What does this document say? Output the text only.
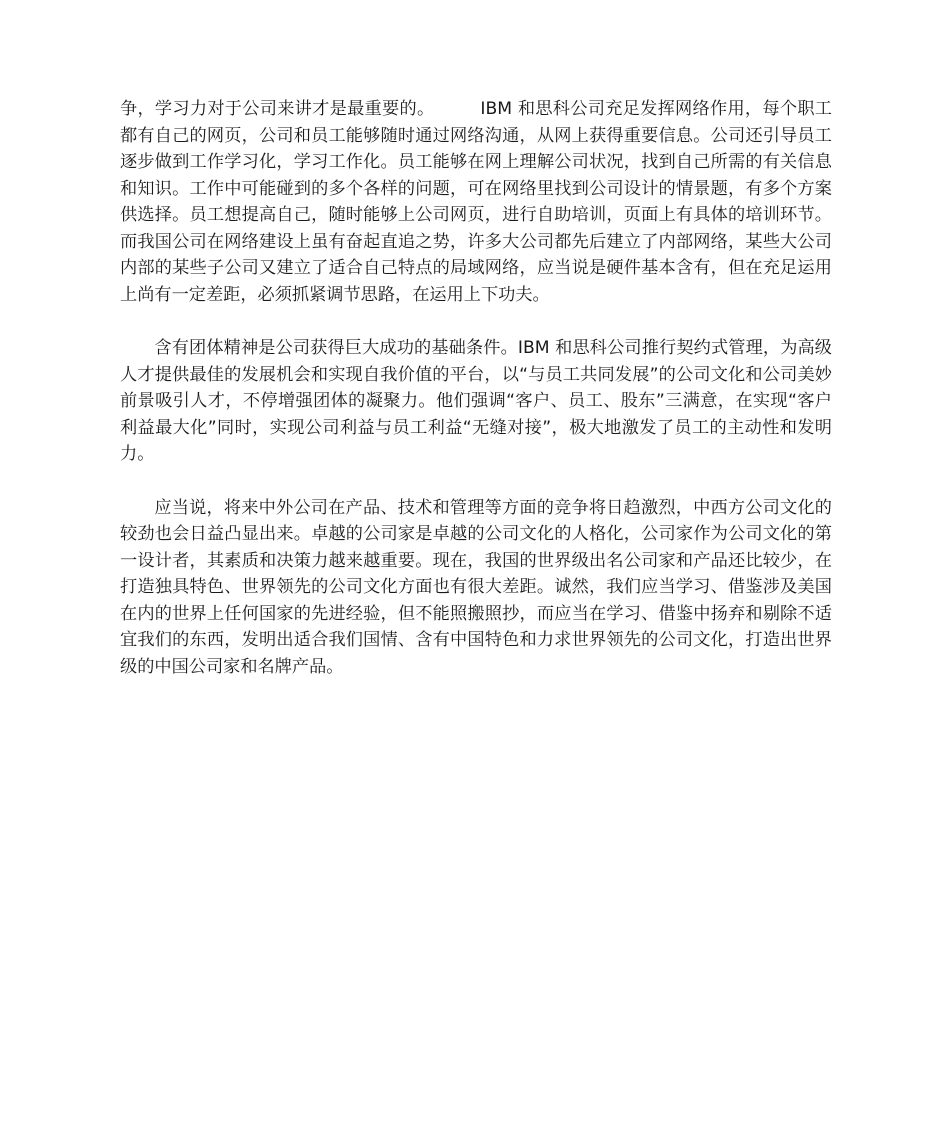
争，学习力对于公司来讲才是最重要的。	IBM 和思科公司充足发挥网络作用，每个职工都有自己的网页，公司和员工能够随时通过网络沟通，从网上获得重要信息。公司还引导员工逐步做到工作学习化，学习工作化。员工能够在网上理解公司状况，找到自己所需的有关信息和知识。工作中可能碰到的多个各样的问题，可在网络里找到公司设计的情景题，有多个方案供选择。员工想提高自己，随时能够上公司网页，进行自助培训，页面上有具体的培训环节。而我国公司在网络建设上虽有奋起直追之势，许多大公司都先后建立了内部网络，某些大公司内部的某些子公司又建立了适合自己特点的局域网络，应当说是硬件基本含有，但在充足运用上尚有一定差距，必须抓紧调节思路，在运用上下功夫。

含有团体精神是公司获得巨大成功的基础条件。IBM 和思科公司推行契约式管理，为高级人才提供最佳的发展机会和实现自我价值的平台，以“与员工共同发展”的公司文化和公司美妙前景吸引人才，不停增强团体的凝聚力。他们强调“客户、员工、股东”三满意，在实现“客户利益最大化”同时，实现公司利益与员工利益“无缝对接”，极大地激发了员工的主动性和发明力。

应当说，将来中外公司在产品、技术和管理等方面的竞争将日趋激烈，中西方公司文化的较劲也会日益凸显出来。卓越的公司家是卓越的公司文化的人格化，公司家作为公司文化的第一设计者，其素质和决策力越来越重要。现在，我国的世界级出名公司家和产品还比较少，在打造独具特色、世界领先的公司文化方面也有很大差距。诚然，我们应当学习、借鉴涉及美国在内的世界上任何国家的先进经验，但不能照搬照抄，而应当在学习、借鉴中扬弃和剔除不适宜我们的东西，发明出适合我们国情、含有中国特色和力求世界领先的公司文化，打造出世界级的中国公司家和名牌产品。
